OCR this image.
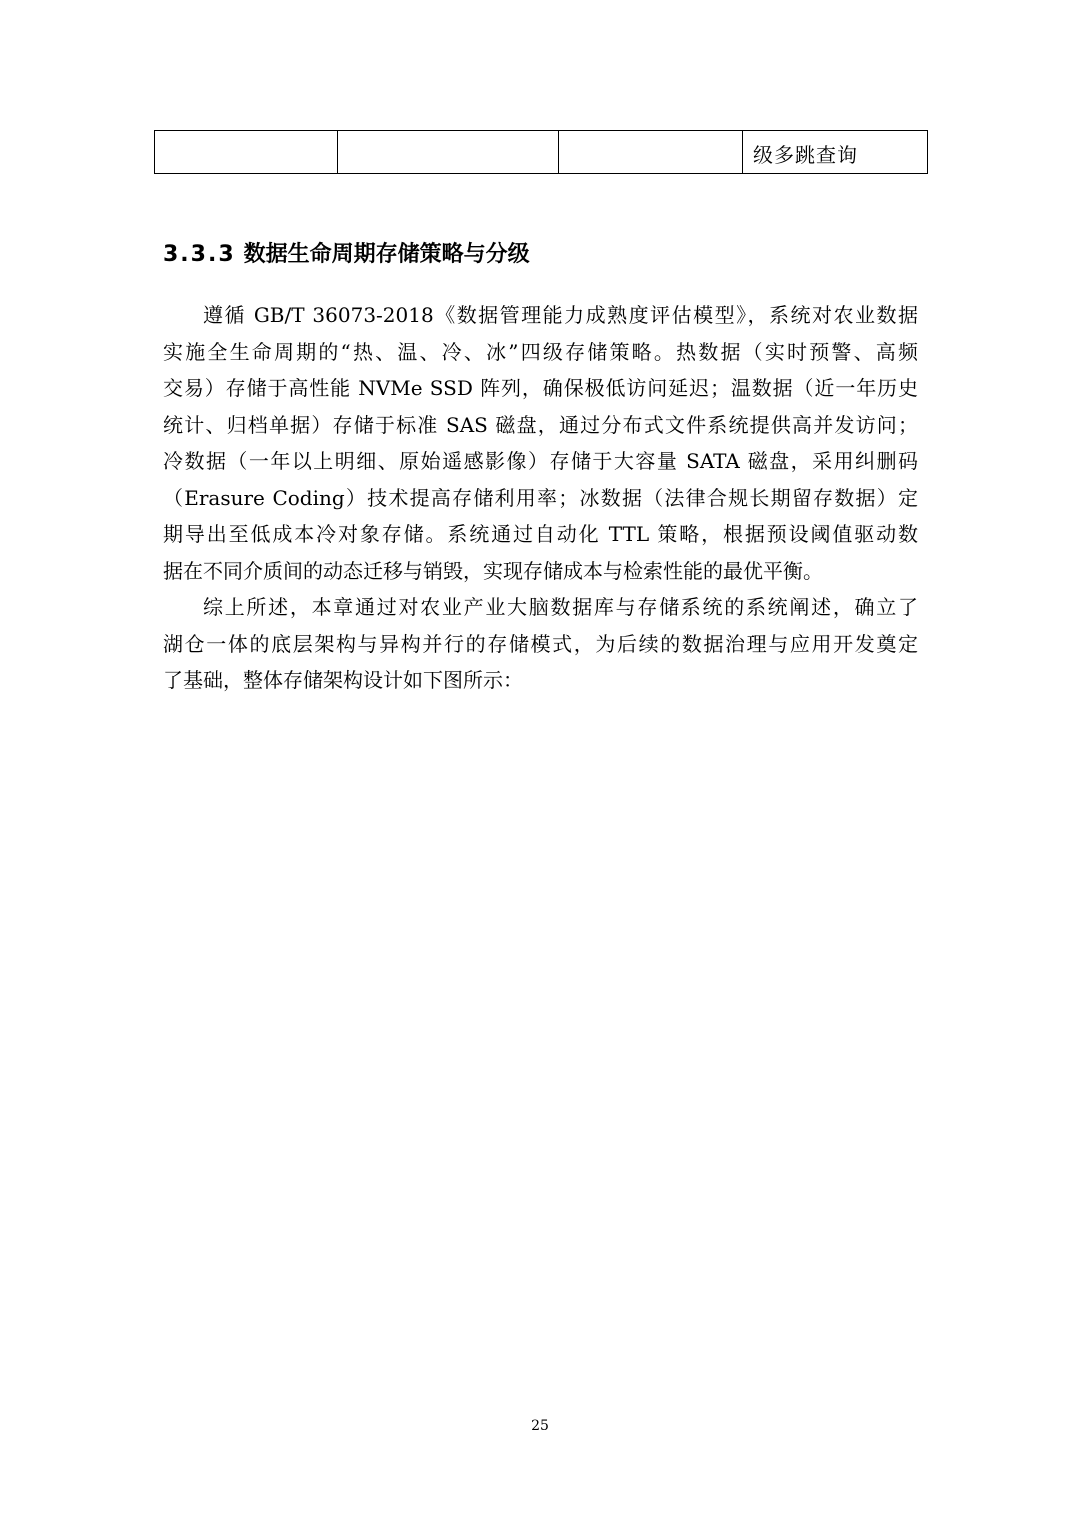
			级多跳查询
3.3.3 数据生命周期存储策略与分级
遵循 GB/T 36073-2018《数据管理能力成熟度评估模型》，系统对农业数据
实施全生命周期的“热、温、冷、冰”四级存储策略。热数据（实时预警、高频
交易）存储于高性能 NVMe SSD 阵列，确保极低访问延迟；温数据（近一年历史
统计、归档单据）存储于标准 SAS 磁盘，通过分布式文件系统提供高并发访问；
冷数据（一年以上明细、原始遥感影像）存储于大容量 SATA 磁盘，采用纠删码
（Erasure Coding）技术提高存储利用率；冰数据（法律合规长期留存数据）定
期导出至低成本冷对象存储。系统通过自动化 TTL 策略，根据预设阈值驱动数
据在不同介质间的动态迁移与销毁，实现存储成本与检索性能的最优平衡。
综上所述，本章通过对农业产业大脑数据库与存储系统的系统阐述，确立了
湖仓一体的底层架构与异构并行的存储模式，为后续的数据治理与应用开发奠定
了基础，整体存储架构设计如下图所示：
25
